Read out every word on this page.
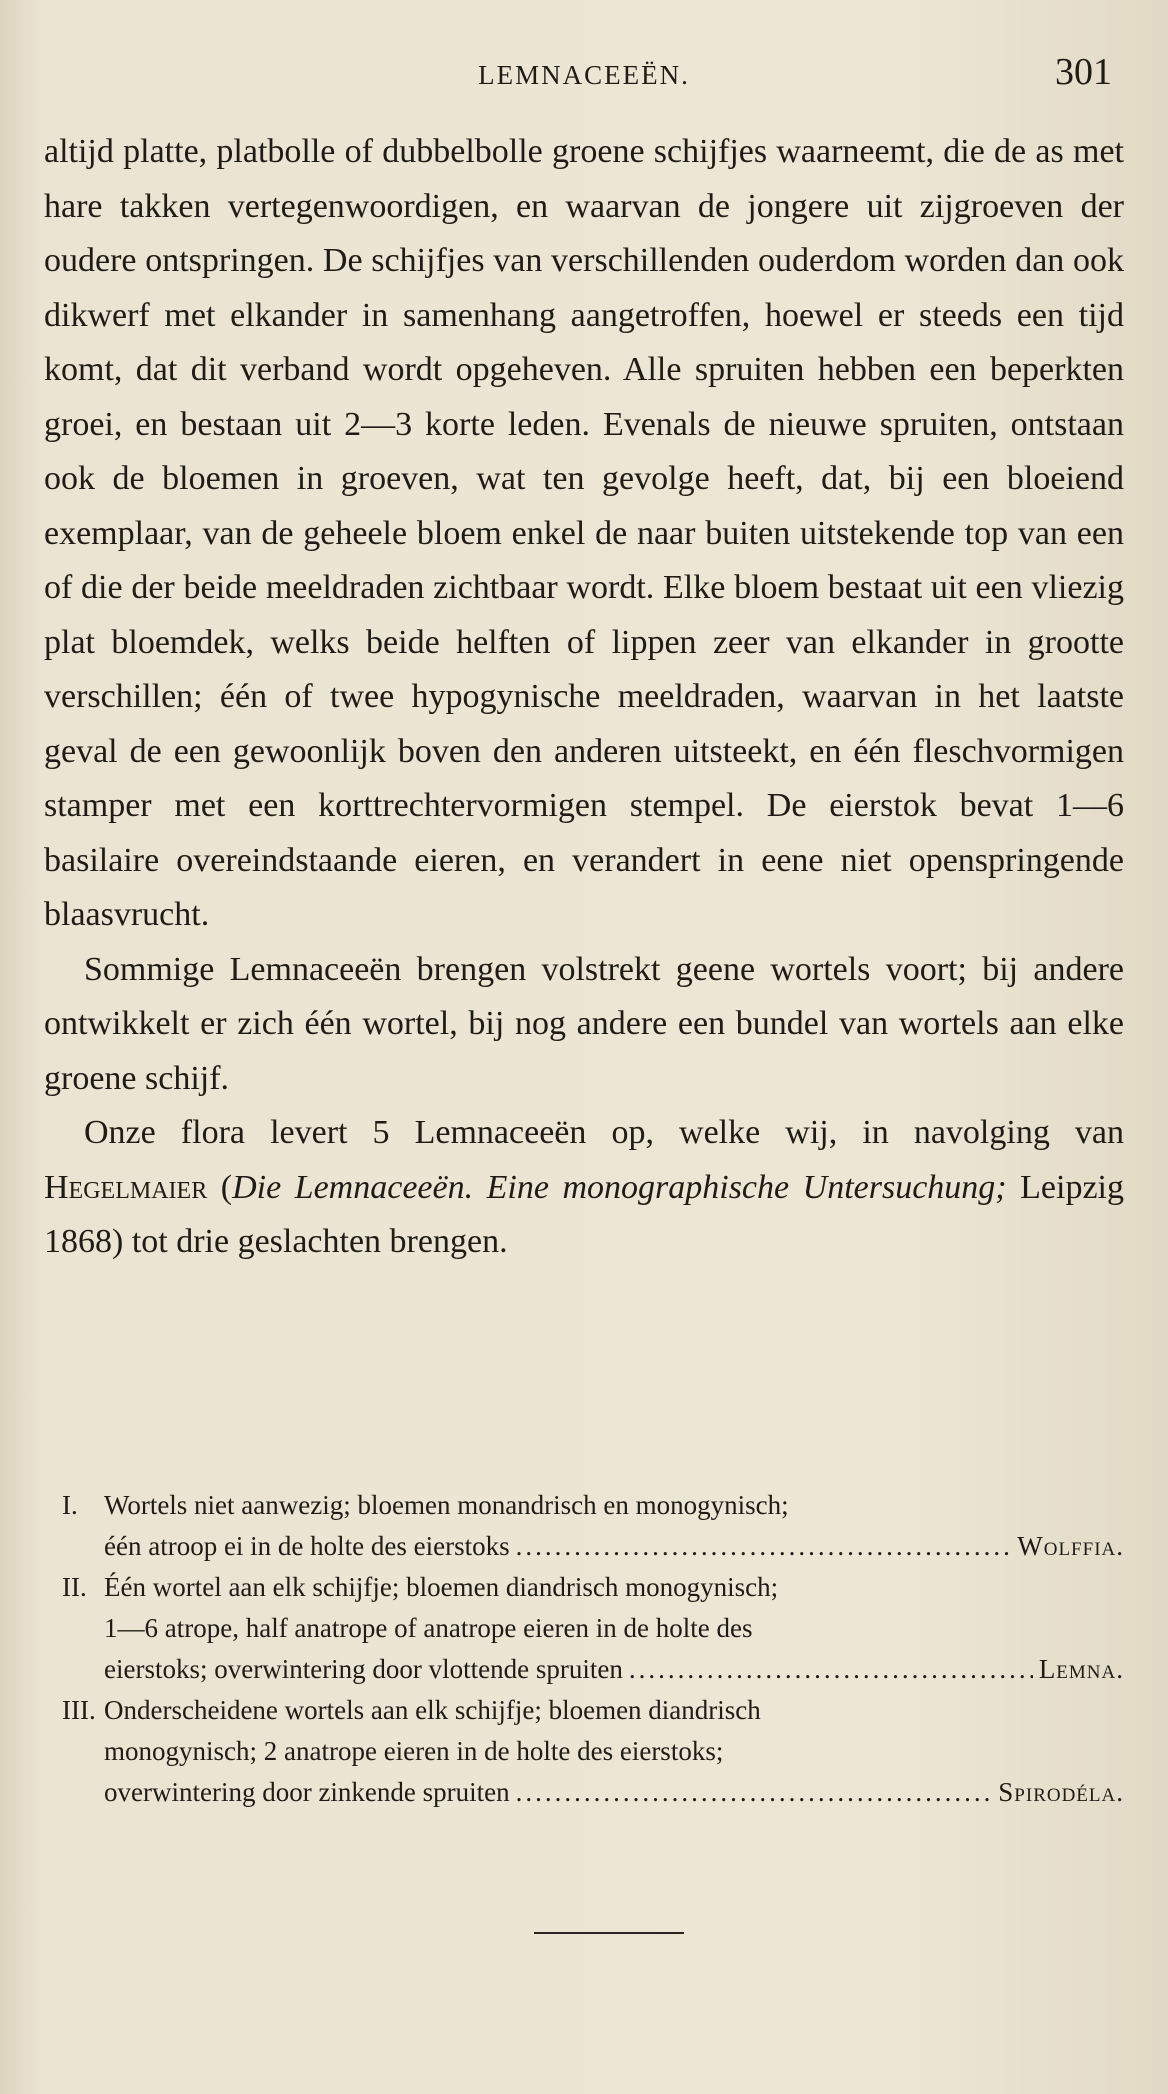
LEMNACEEËN.	301

altijd platte, platbolle of dubbelbolle groene schijfjes waarneemt, die de as met hare takken vertegenwoordigen, en waarvan de jongere uit zijgroeven der oudere ontspringen. De schijfjes van verschillenden ouderdom worden dan ook dikwerf met elkander in samenhang aangetroffen, hoewel er steeds een tijd komt, dat dit verband wordt opgeheven. Alle spruiten hebben een beperkten groei, en bestaan uit 2—3 korte leden. Evenals de nieuwe spruiten, ontstaan ook de bloemen in groeven, wat ten gevolge heeft, dat, bij een bloeiend exemplaar, van de geheele bloem enkel de naar buiten uitstekende top van een of die der beide meeldraden zichtbaar wordt. Elke bloem bestaat uit een vliezig plat bloemdek, welks beide helften of lippen zeer van elkander in grootte verschillen; één of twee hypogynische meeldraden, waarvan in het laatste geval de een gewoonlijk boven den anderen uitsteekt, en één fleschvormigen stamper met een korttrechtervormigen stempel. De eierstok bevat 1—6 basilaire overeindstaande eieren, en verandert in eene niet openspringende blaasvrucht.

Sommige Lemnaceeën brengen volstrekt geene wortels voort; bij andere ontwikkelt er zich één wortel, bij nog andere een bundel van wortels aan elke groene schijf.

Onze flora levert 5 Lemnaceeën op, welke wij, in navolging van Hegelmaier (Die Lemnaceeën. Eine monographische Untersuchung; Leipzig 1868) tot drie geslachten brengen.

I. Wortels niet aanwezig; bloemen monandrisch en monogynisch;
één atroop ei in de holte des eierstoks .....	Wolffia.
II. Één wortel aan elk schijfje; bloemen diandrisch monogynisch;
1—6 atrope, half anatrope of anatrope eieren in de holte des
eierstoks; overwintering door vlottende spruiten .....	Lemna.
III. Onderscheidene wortels aan elk schijfje; bloemen diandrisch
monogynisch; 2 anatrope eieren in de holte des eierstoks;
overwintering door zinkende spruiten .....	Spirodéla.
